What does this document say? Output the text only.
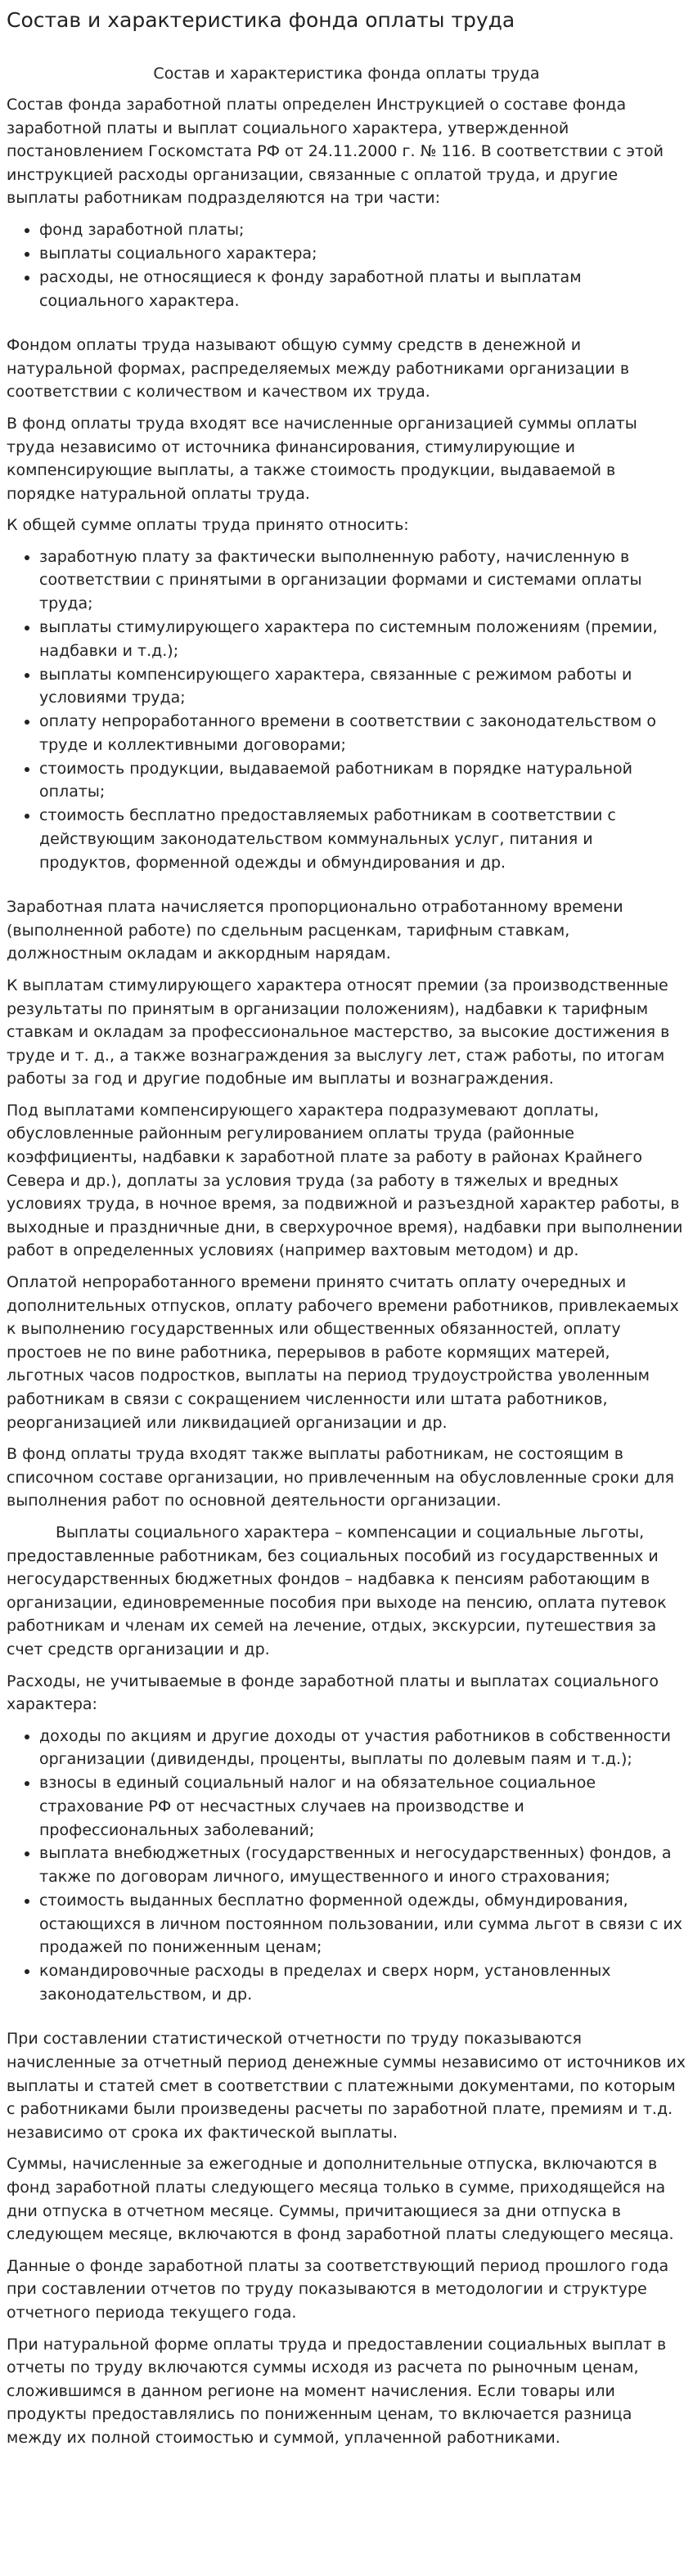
Состав и характеристика фонда оплаты труда
Состав и характеристика фонда оплаты труда

Состав фонда заработной платы определен Инструкцией о составе фонда заработной платы и выплат социального характера, утвержденной постановлением Госкомстата РФ от 24.11.2000 г. № 116. В соответствии с этой инструкцией расходы организации, связанные с оплатой труда, и другие выплаты работникам подразделяются на три части:

• фонд заработной платы;
• выплаты социального характера;
• расходы, не относящиеся к фонду заработной платы и выплатам социального характера.

Фондом оплаты труда называют общую сумму средств в денежной и натуральной формах, распределяемых между работниками организации в соответствии с количеством и качеством их труда.

В фонд оплаты труда входят все начисленные организацией суммы оплаты труда независимо от источника финансирования, стимулирующие и компенсирующие выплаты, а также стоимость продукции, выдаваемой в порядке натуральной оплаты труда.

К общей сумме оплаты труда принято относить:

• заработную плату за фактически выполненную работу, начисленную в соответствии с принятыми в организации формами и системами оплаты труда;
• выплаты стимулирующего характера по системным положениям (премии, надбавки и т.д.);
• выплаты компенсирующего характера, связанные с режимом работы и условиями труда;
• оплату непроработанного времени в соответствии с законодательством о труде и коллективными договорами;
• стоимость продукции, выдаваемой работникам в порядке натуральной оплаты;
• стоимость бесплатно предоставляемых работникам в соответствии с действующим законодательством коммунальных услуг, питания и продуктов, форменной одежды и обмундирования и др.

Заработная плата начисляется пропорционально отработанному времени (выполненной работе) по сдельным расценкам, тарифным ставкам, должностным окладам и аккордным нарядам.

К выплатам стимулирующего характера относят премии (за производственные результаты по принятым в организации положениям), надбавки к тарифным ставкам и окладам за профессиональное мастерство, за высокие достижения в труде и т. д., а также вознаграждения за выслугу лет, стаж работы, по итогам работы за год и другие подобные им выплаты и вознаграждения.

Под выплатами компенсирующего характера подразумевают доплаты, обусловленные районным регулированием оплаты труда (районные коэффициенты, надбавки к заработной плате за работу в районах Крайнего Севера и др.), доплаты за условия труда (за работу в тяжелых и вредных условиях труда, в ночное время, за подвижной и разъездной характер работы, в выходные и праздничные дни, в сверхурочное время), надбавки при выполнении работ в определенных условиях (например вахтовым методом) и др.

Оплатой непроработанного времени принято считать оплату очередных и дополнительных отпусков, оплату рабочего времени работников, привлекаемых к выполнению государственных или общественных обязанностей, оплату простоев не по вине работника, перерывов в работе кормящих матерей, льготных часов подростков, выплаты на период трудоустройства уволенным работникам в связи с сокращением численности или штата работников, реорганизацией или ликвидацией организации и др.

В фонд оплаты труда входят также выплаты работникам, не состоящим в списочном составе организации, но привлеченным на обусловленные сроки для выполнения работ по основной деятельности организации.

Выплаты социального характера – компенсации и социальные льготы, предоставленные работникам, без социальных пособий из государственных и негосударственных бюджетных фондов – надбавка к пенсиям работающим в организации, единовременные пособия при выходе на пенсию, оплата путевок работникам и членам их семей на лечение, отдых, экскурсии, путешествия за счет средств организации и др.

Расходы, не учитываемые в фонде заработной платы и выплатах социального характера:

• доходы по акциям и другие доходы от участия работников в собственности организации (дивиденды, проценты, выплаты по долевым паям и т.д.);
• взносы в единый социальный налог и на обязательное социальное страхование РФ от несчастных случаев на производстве и профессиональных заболеваний;
• выплата внебюджетных (государственных и негосударственных) фондов, а также по договорам личного, имущественного и иного страхования;
• стоимость выданных бесплатно форменной одежды, обмундирования, остающихся в личном постоянном пользовании, или сумма льгот в связи с их продажей по пониженным ценам;
• командировочные расходы в пределах и сверх норм, установленных законодательством, и др.

При составлении статистической отчетности по труду показываются начисленные за отчетный период денежные суммы независимо от источников их выплаты и статей смет в соответствии с платежными документами, по которым с работниками были произведены расчеты по заработной плате, премиям и т.д. независимо от срока их фактической выплаты.

Суммы, начисленные за ежегодные и дополнительные отпуска, включаются в фонд заработной платы следующего месяца только в сумме, приходящейся на дни отпуска в отчетном месяце. Суммы, причитающиеся за дни отпуска в следующем месяце, включаются в фонд заработной платы следующего месяца.

Данные о фонде заработной платы за соответствующий период прошлого года при составлении отчетов по труду показываются в методологии и структуре отчетного периода текущего года.

При натуральной форме оплаты труда и предоставлении социальных выплат в отчеты по труду включаются суммы исходя из расчета по рыночным ценам, сложившимся в данном регионе на момент начисления. Если товары или продукты предоставлялись по пониженным ценам, то включается разница между их полной стоимостью и суммой, уплаченной работниками.
